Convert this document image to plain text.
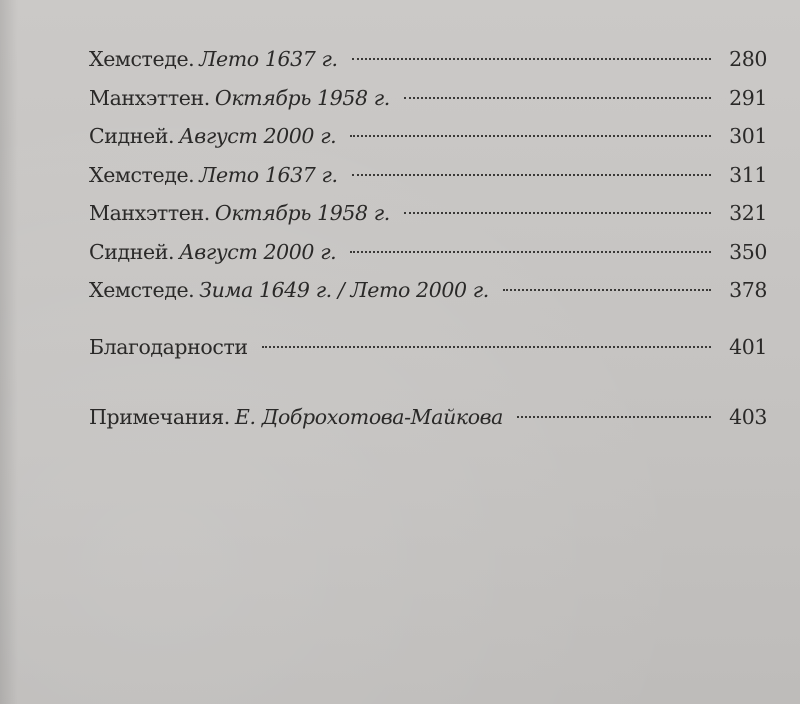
Хемстеде. Лето 1637 г.	280
Манхэттен. Октябрь 1958 г.	291
Сидней. Август 2000 г.	301
Хемстеде. Лето 1637 г.	311
Манхэттен. Октябрь 1958 г.	321
Сидней. Август 2000 г.	350
Хемстеде. Зима 1649 г. / Лето 2000 г.	378
Благодарности	401
Примечания. Е. Доброхотова-Майкова	403
